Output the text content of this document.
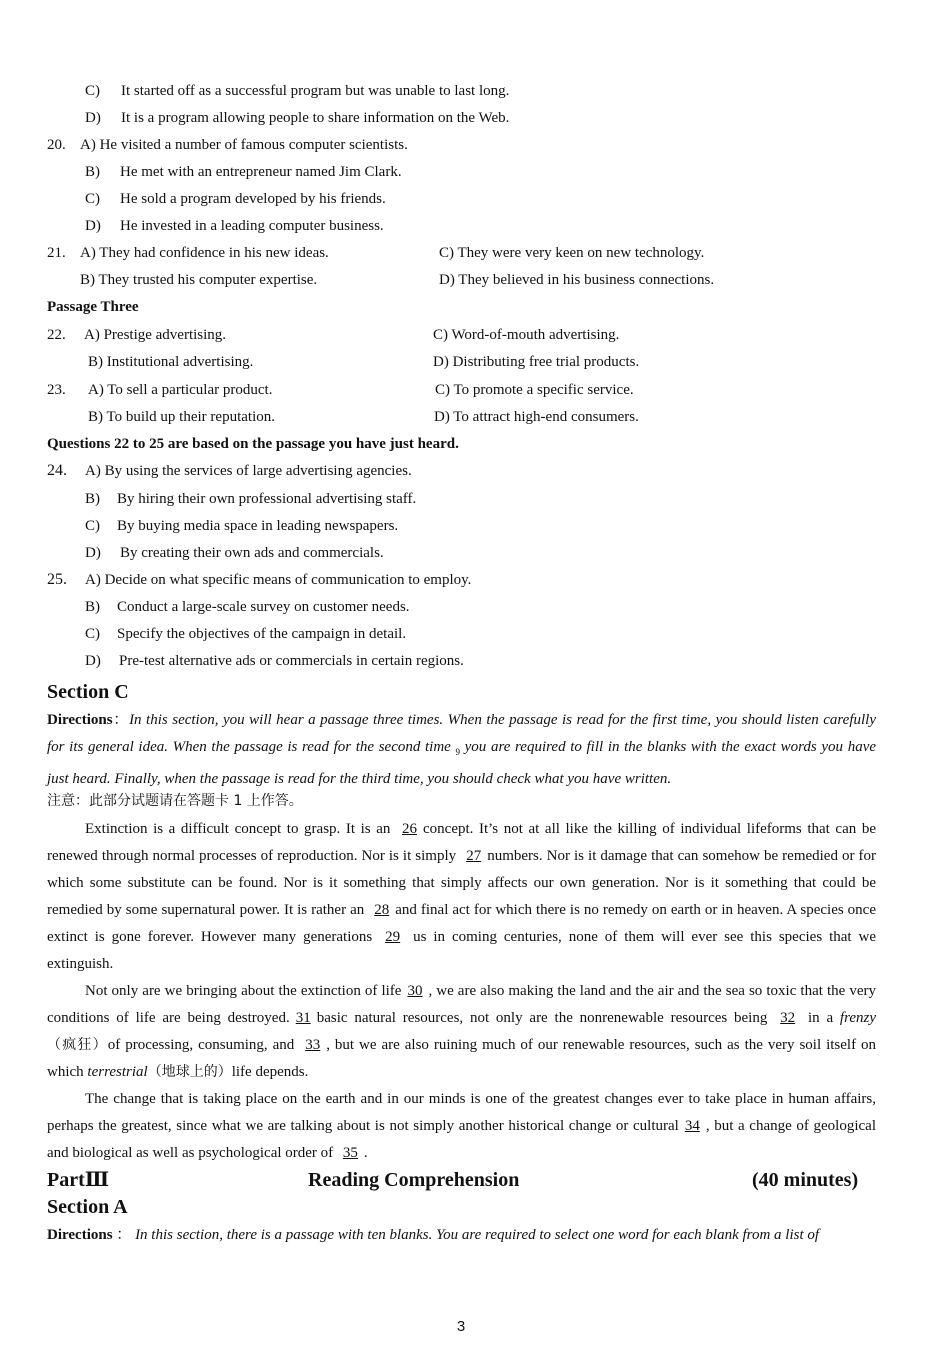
C) It started off as a successful program but was unable to last long.
D) It is a program allowing people to share information on the Web.
20. A) He visited a number of famous computer scientists.
B) He met with an entrepreneur named Jim Clark.
C) He sold a program developed by his friends.
D) He invested in a leading computer business.
21. A) They had confidence in his new ideas.	C) They were very keen on new technology.
B) They trusted his computer expertise.	D) They believed in his business connections.
Passage Three
22. A) Prestige advertising.	C) Word-of-mouth advertising.
B) Institutional advertising.	D) Distributing free trial products.
23. A) To sell a particular product.	C) To promote a specific service.
B) To build up their reputation.	D) To attract high-end consumers.
Questions 22 to 25 are based on the passage you have just heard.
24. A) By using the services of large advertising agencies.
B) By hiring their own professional advertising staff.
C) By buying media space in leading newspapers.
D) By creating their own ads and commercials.
25. A) Decide on what specific means of communication to employ.
B) Conduct a large-scale survey on customer needs.
C) Specify the objectives of the campaign in detail.
D) Pre-test alternative ads or commercials in certain regions.
Section C
Directions：In this section, you will hear a passage three times. When the passage is read for the first time, you should listen carefully for its general idea. When the passage is read for the second time $_9$ you are required to fill in the blanks with the exact words you have just heard. Finally, when the passage is read for the third time, you should check what you have written.
注意：此部分试题请在答题卡 1 上作答。

Extinction is a difficult concept to grasp. It is an 26 concept. It’s not at all like the killing of individual lifeforms that can be renewed through normal processes of reproduction. Nor is it simply 27 numbers. Nor is it damage that can somehow be remedied or for which some substitute can be found. Nor is it something that simply affects our own generation. Nor is it something that could be remedied by some supernatural power. It is rather an 28 and final act for which there is no remedy on earth or in heaven. A species once extinct is gone forever. However many generations 29 us in coming centuries, none of them will ever see this species that we extinguish.

Not only are we bringing about the extinction of life 30 , we are also making the land and the air and the sea so toxic that the very conditions of life are being destroyed. 31 basic natural resources, not only are the nonrenewable resources being 32 in a frenzy（疯狂）of processing, consuming, and 33 , but we are also ruining much of our renewable resources, such as the very soil itself on which terrestrial（地球上的）life depends.

The change that is taking place on the earth and in our minds is one of the greatest changes ever to take place in human affairs, perhaps the greatest, since what we are talking about is not simply another historical change or cultural 34 , but a change of geological and biological as well as psychological order of 35 .

PartⅢ	Reading Comprehension	(40 minutes)
Section A
Directions ： In this section, there is a passage with ten blanks. You are required to select one word for each blank from a list of
3
